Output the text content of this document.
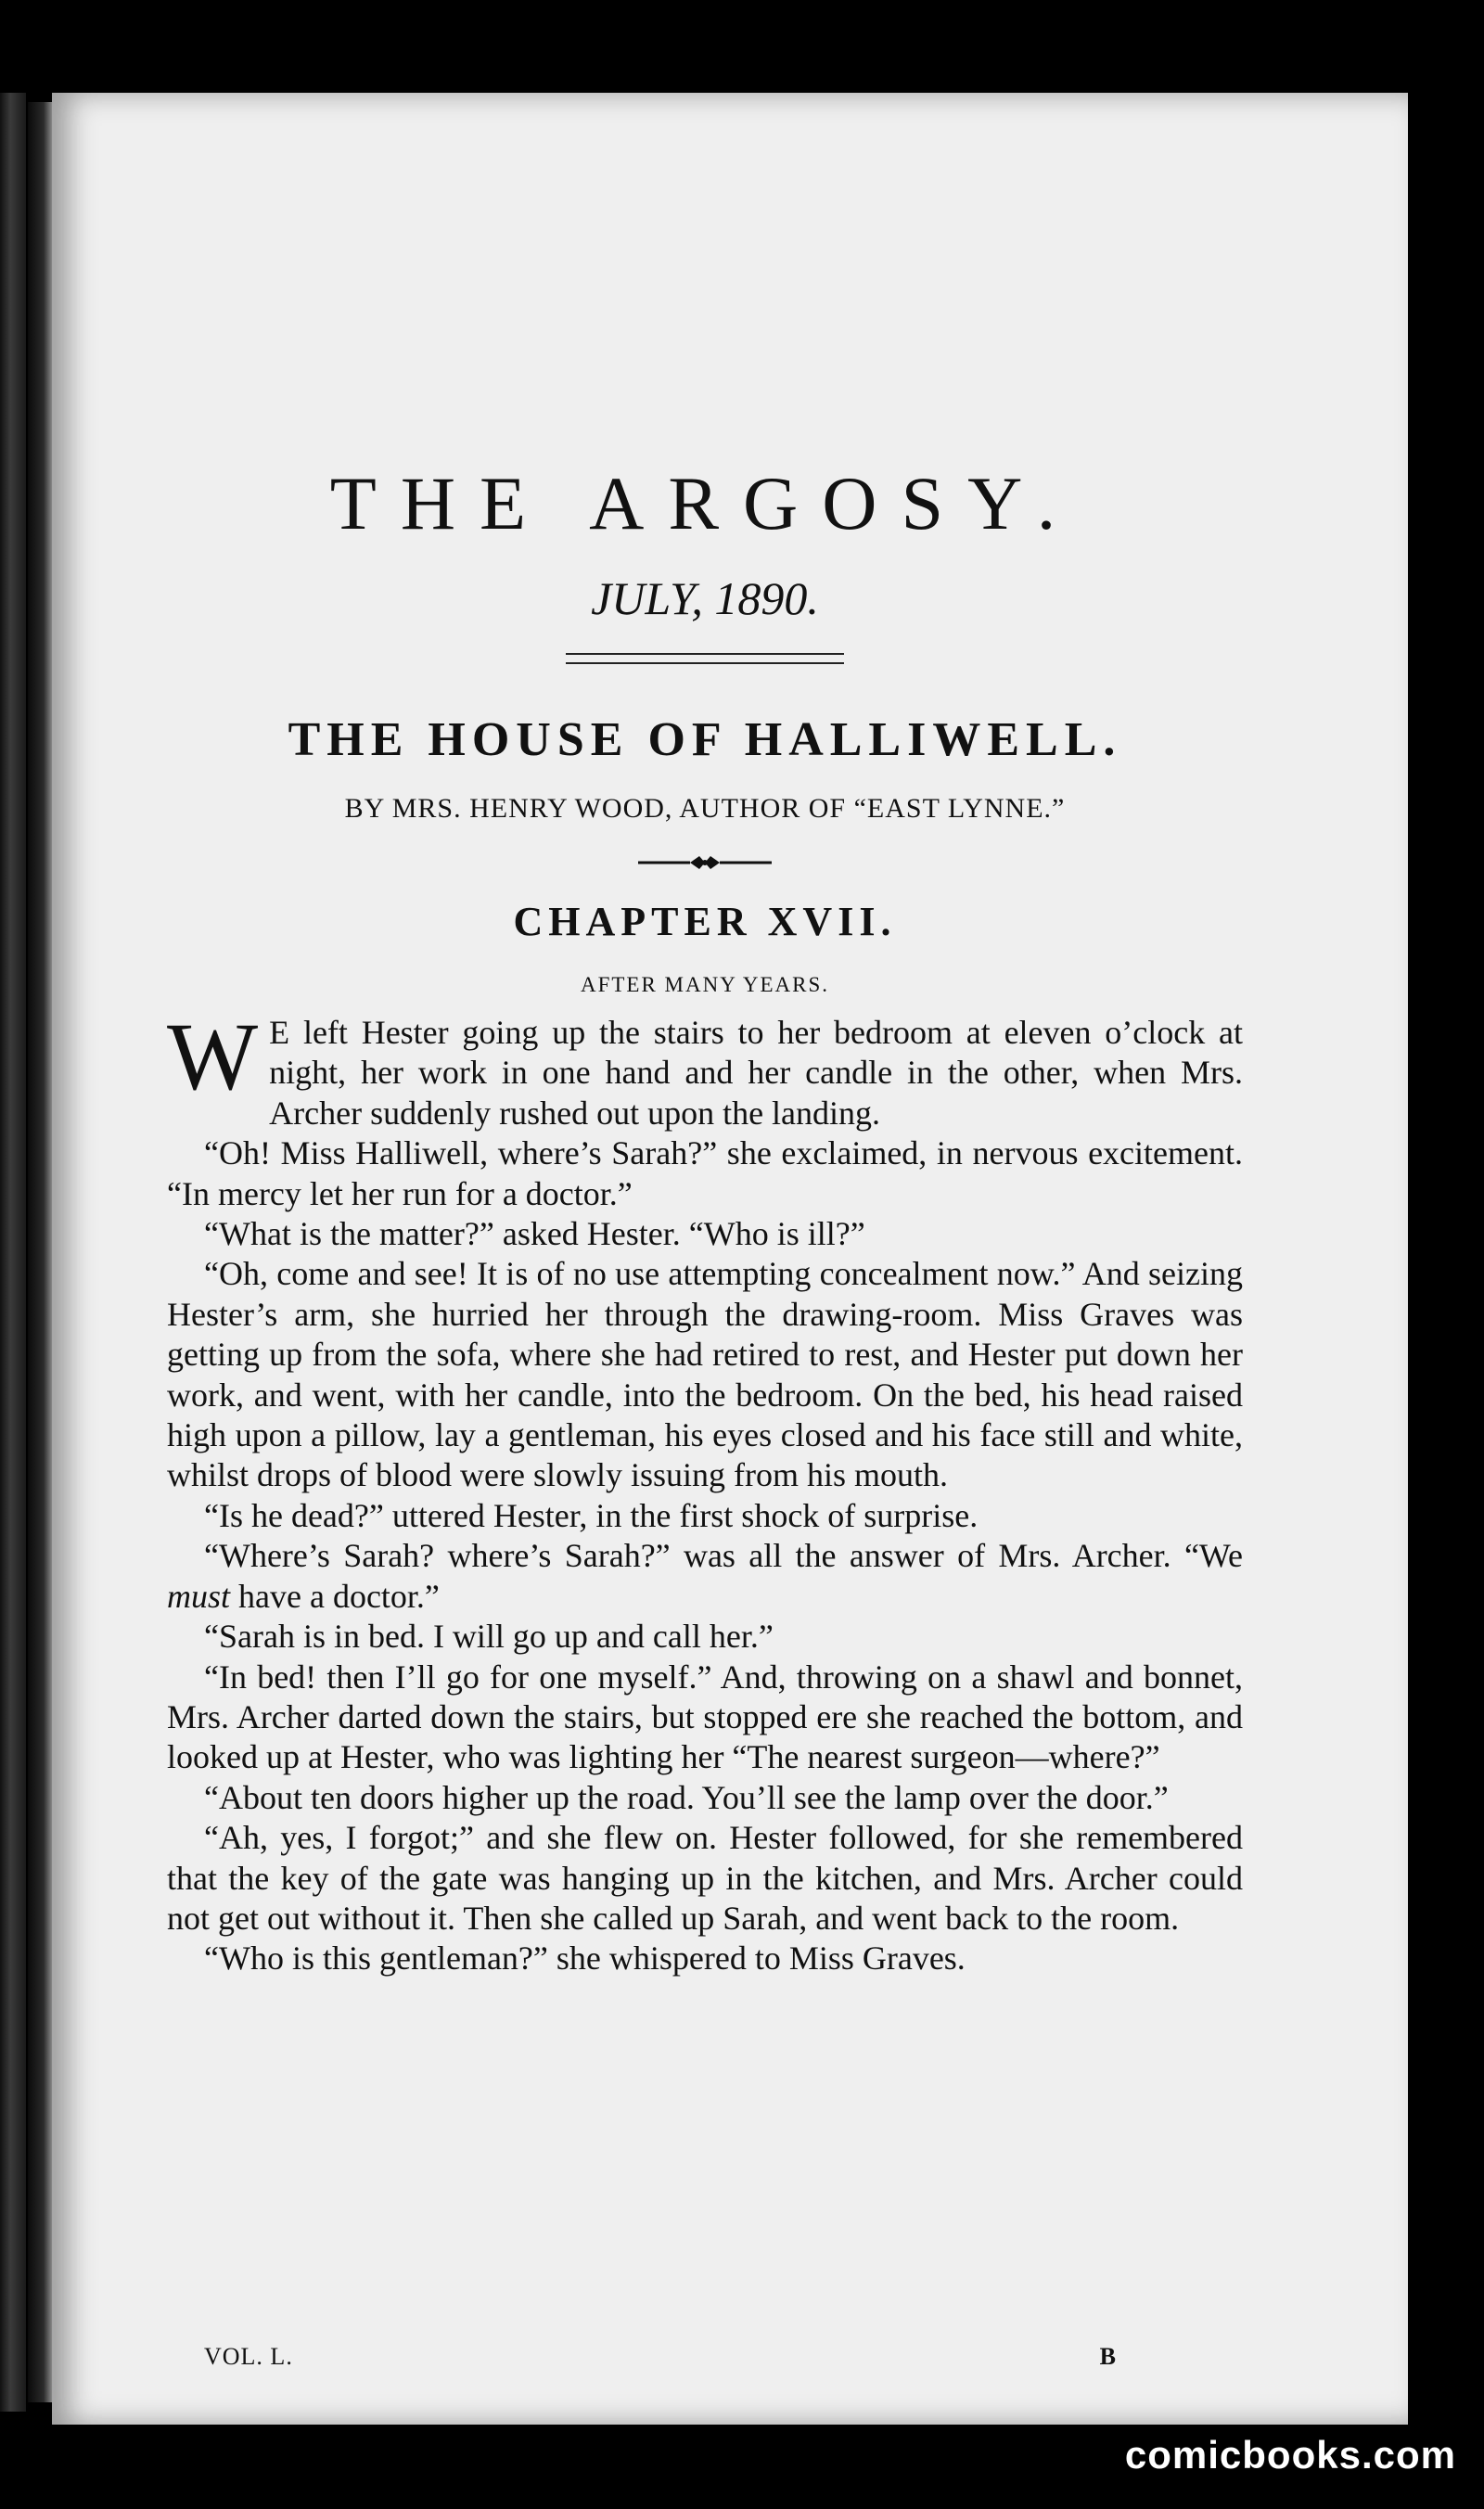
THE ARGOSY.
JULY, 1890.
THE HOUSE OF HALLIWELL.
BY MRS. HENRY WOOD, AUTHOR OF “EAST LYNNE.”
CHAPTER XVII.
AFTER MANY YEARS.

W E left Hester going up the stairs to her bedroom at eleven o’clock at night, her work in one hand and her candle in the other, when Mrs. Archer suddenly rushed out upon the landing.

“Oh! Miss Halliwell, where’s Sarah?” she exclaimed, in nervous excitement. “In mercy let her run for a doctor.”

“What is the matter?” asked Hester. “Who is ill?”

“Oh, come and see! It is of no use attempting concealment now.” And seizing Hester’s arm, she hurried her through the drawing-room. Miss Graves was getting up from the sofa, where she had retired to rest, and Hester put down her work, and went, with her candle, into the bedroom. On the bed, his head raised high upon a pillow, lay a gentleman, his eyes closed and his face still and white, whilst drops of blood were slowly issuing from his mouth.

“Is he dead?” uttered Hester, in the first shock of surprise.

“Where’s Sarah? where’s Sarah?” was all the answer of Mrs. Archer. “We must have a doctor.”

“Sarah is in bed. I will go up and call her.”

“In bed! then I’ll go for one myself.” And, throwing on a shawl and bonnet, Mrs. Archer darted down the stairs, but stopped ere she reached the bottom, and looked up at Hester, who was lighting her “The nearest surgeon—where?”

“About ten doors higher up the road. You’ll see the lamp over the door.”

“Ah, yes, I forgot;” and she flew on. Hester followed, for she remembered that the key of the gate was hanging up in the kitchen, and Mrs. Archer could not get out without it. Then she called up Sarah, and went back to the room.

“Who is this gentleman?” she whispered to Miss Graves.

VOL. L.	B
comicbooks.com
